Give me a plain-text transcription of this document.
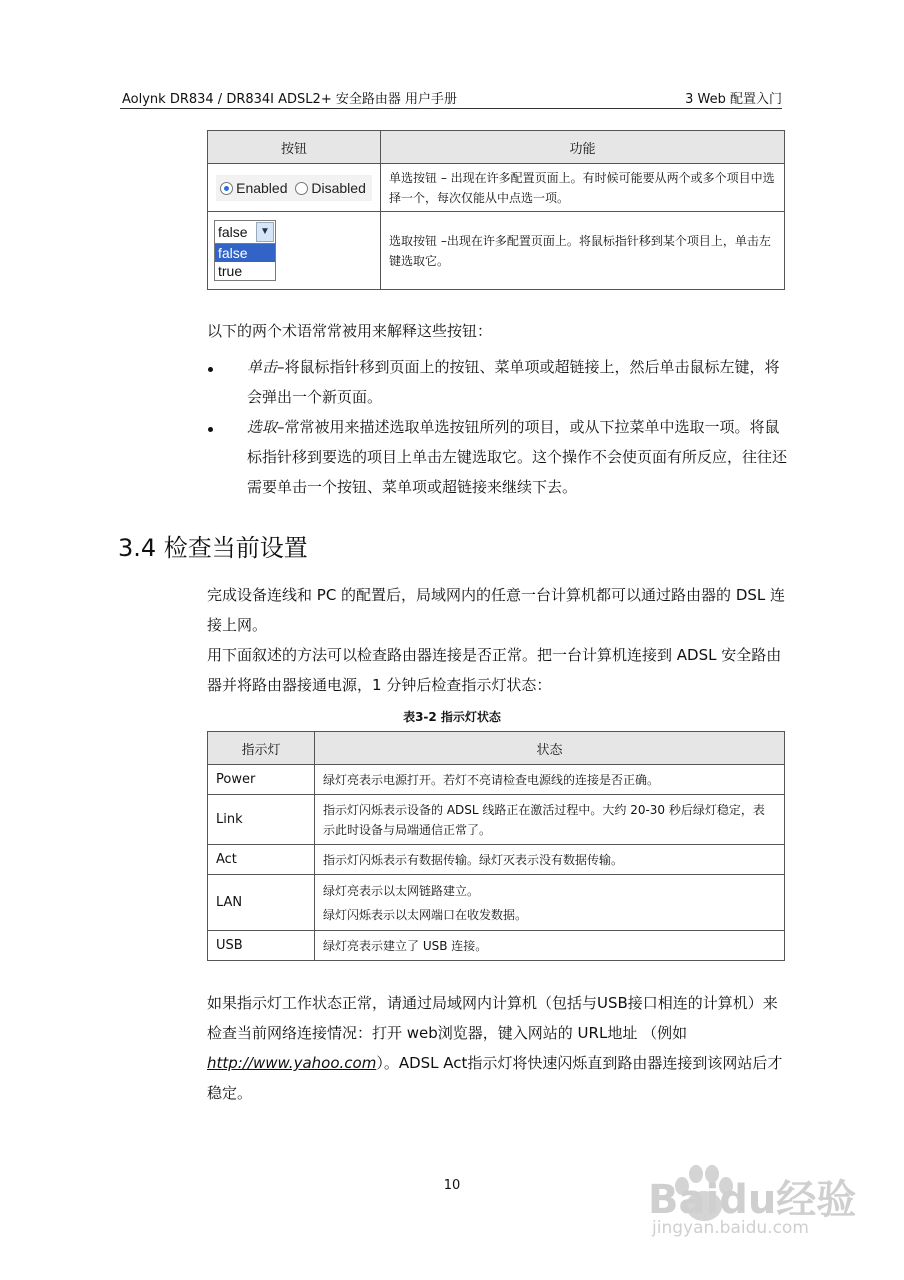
Aolynk DR834 / DR834I ADSL2+ 安全路由器 用户手册	3 Web 配置入门
按钮	功能
Enabled Disabled	单选按钮 – 出现在许多配置页面上。有时候可能要从两个或多个项目中选择一个，每次仅能从中点选一项。

false ▼
false
true	选取按钮 –出现在许多配置页面上。将鼠标指针移到某个项目上，单击左键选取它。
以下的两个术语常常被用来解释这些按钮：
单击–将鼠标指针移到页面上的按钮、菜单项或超链接上，然后单击鼠标左键，将会弹出一个新页面。
选取–常常被用来描述选取单选按钮所列的项目，或从下拉菜单中选取一项。将鼠标指针移到要选的项目上单击左键选取它。这个操作不会使页面有所反应，往往还需要单击一个按钮、菜单项或超链接来继续下去。
3.4 检查当前设置
完成设备连线和 PC 的配置后，局域网内的任意一台计算机都可以通过路由器的 DSL 连接上网。
用下面叙述的方法可以检查路由器连接是否正常。把一台计算机连接到 ADSL 安全路由器并将路由器接通电源，1 分钟后检查指示灯状态：
表3-2 指示灯状态
指示灯	状态
Power	绿灯亮表示电源打开。若灯不亮请检查电源线的连接是否正确。
Link	指示灯闪烁表示设备的 ADSL 线路正在激活过程中。大约 20-30 秒后绿灯稳定，表示此时设备与局端通信正常了。
Act	指示灯闪烁表示有数据传输。绿灯灭表示没有数据传输。
LAN	绿灯亮表示以太网链路建立。
绿灯闪烁表示以太网端口在收发数据。

USB	绿灯亮表示建立了 USB 连接。
如果指示灯工作状态正常，请通过局域网内计算机（包括与USB接口相连的计算机）来检查当前网络连接情况：打开 web浏览器，键入网站的 URL地址 （例如http://www.yahoo.com）。ADSL Act指示灯将快速闪烁直到路由器连接到该网站后才稳定。
10	Baidu经验
jingyan.baidu.com
